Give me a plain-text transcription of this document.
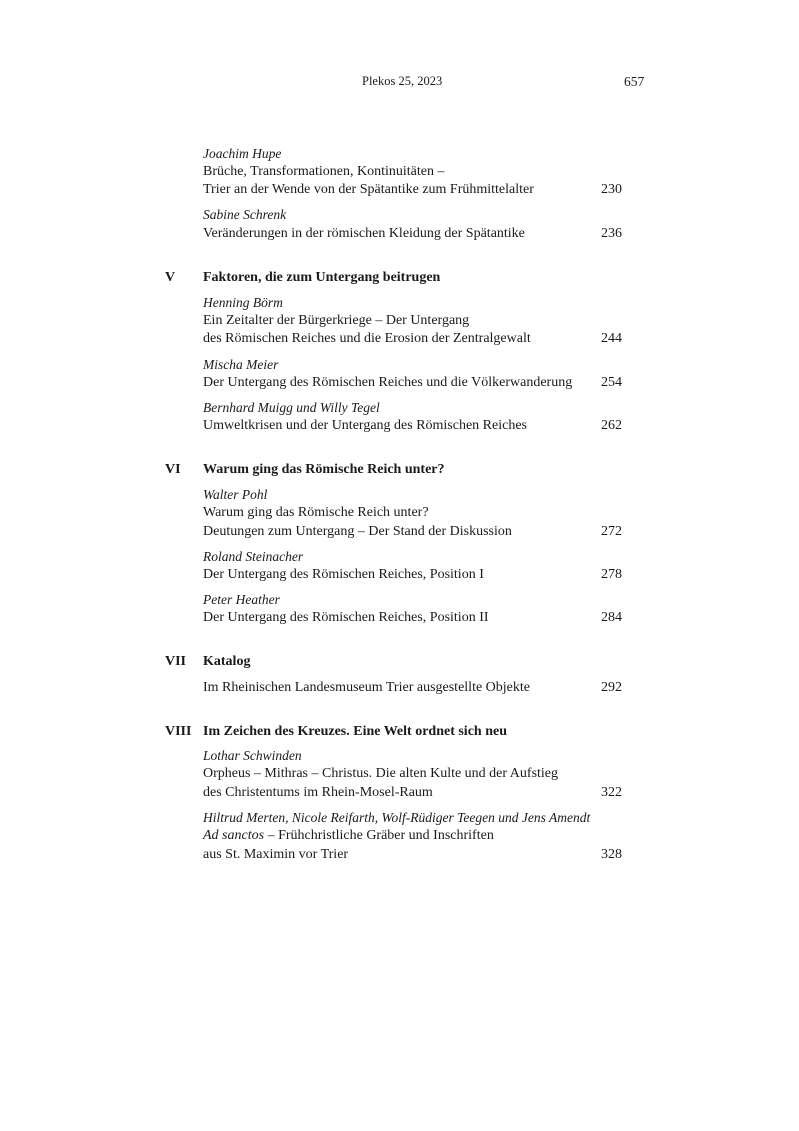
Plekos 25, 2023	657
Joachim Hupe
Brüche, Transformationen, Kontinuitäten –
Trier an der Wende von der Spätantike zum Frühmittelalter	230
Sabine Schrenk
Veränderungen in der römischen Kleidung der Spätantike	236
V Faktoren, die zum Untergang beitrugen
Henning Börm
Ein Zeitalter der Bürgerkriege – Der Untergang
des Römischen Reiches und die Erosion der Zentralgewalt	244
Mischa Meier
Der Untergang des Römischen Reiches und die Völkerwanderung 254
Bernhard Muigg und Willy Tegel
Umweltkrisen und der Untergang des Römischen Reiches	262
VI Warum ging das Römische Reich unter?
Walter Pohl
Warum ging das Römische Reich unter?
Deutungen zum Untergang – Der Stand der Diskussion	272
Roland Steinacher
Der Untergang des Römischen Reiches, Position I	278
Peter Heather
Der Untergang des Römischen Reiches, Position II	284
VII Katalog
Im Rheinischen Landesmuseum Trier ausgestellte Objekte	292
VIII Im Zeichen des Kreuzes. Eine Welt ordnet sich neu
Lothar Schwinden
Orpheus – Mithras – Christus. Die alten Kulte und der Aufstieg
des Christentums im Rhein-Mosel-Raum	322
Hiltrud Merten, Nicole Reifarth, Wolf-Rüdiger Teegen und Jens Amendt
Ad sanctos – Frühchristliche Gräber und Inschriften
aus St. Maximin vor Trier	328
